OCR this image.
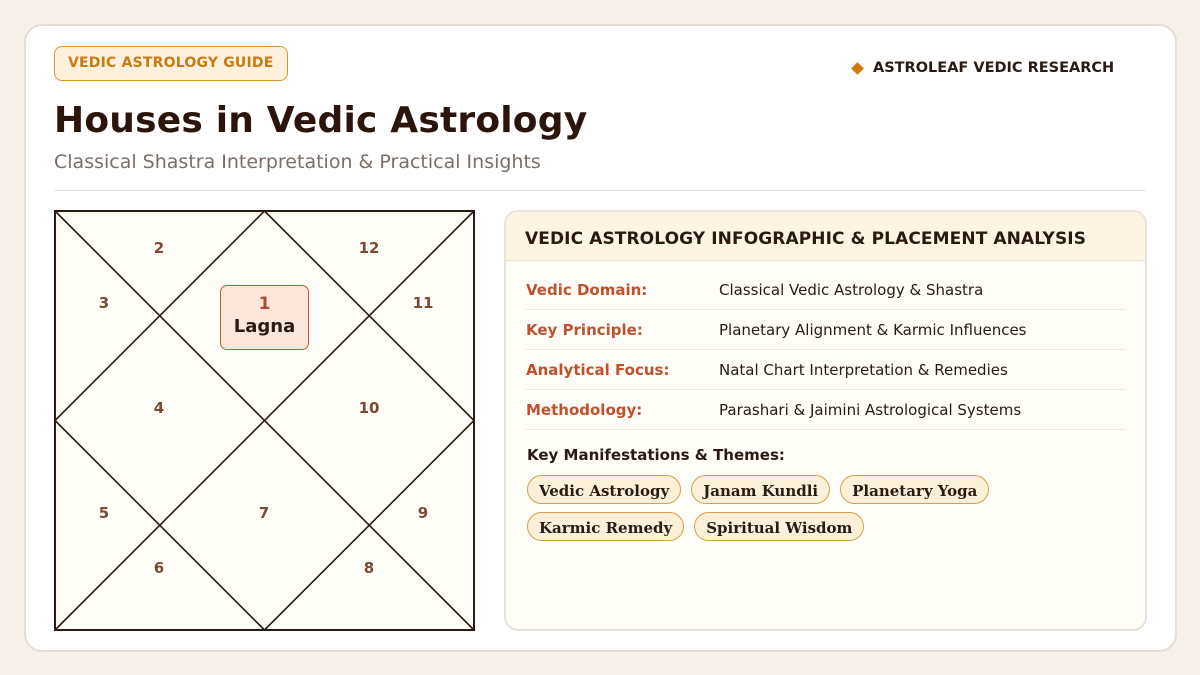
VEDIC ASTROLOGY GUIDE	ASTROLEAF VEDIC RESEARCH
Houses in Vedic Astrology
Classical Shastra Interpretation & Practical Insights
1
Lagna
2
3
4
5
6
7
8
9
10
11
12	VEDIC ASTROLOGY INFOGRAPHIC & PLACEMENT ANALYSIS
Vedic Domain:	Classical Vedic Astrology & Shastra
Key Principle:	Planetary Alignment & Karmic Influences
Analytical Focus:	Natal Chart Interpretation & Remedies
Methodology:	Parashari & Jaimini Astrological Systems
Key Manifestations & Themes:
Vedic Astrology	Janam Kundli	Planetary Yoga
Karmic Remedy	Spiritual Wisdom
